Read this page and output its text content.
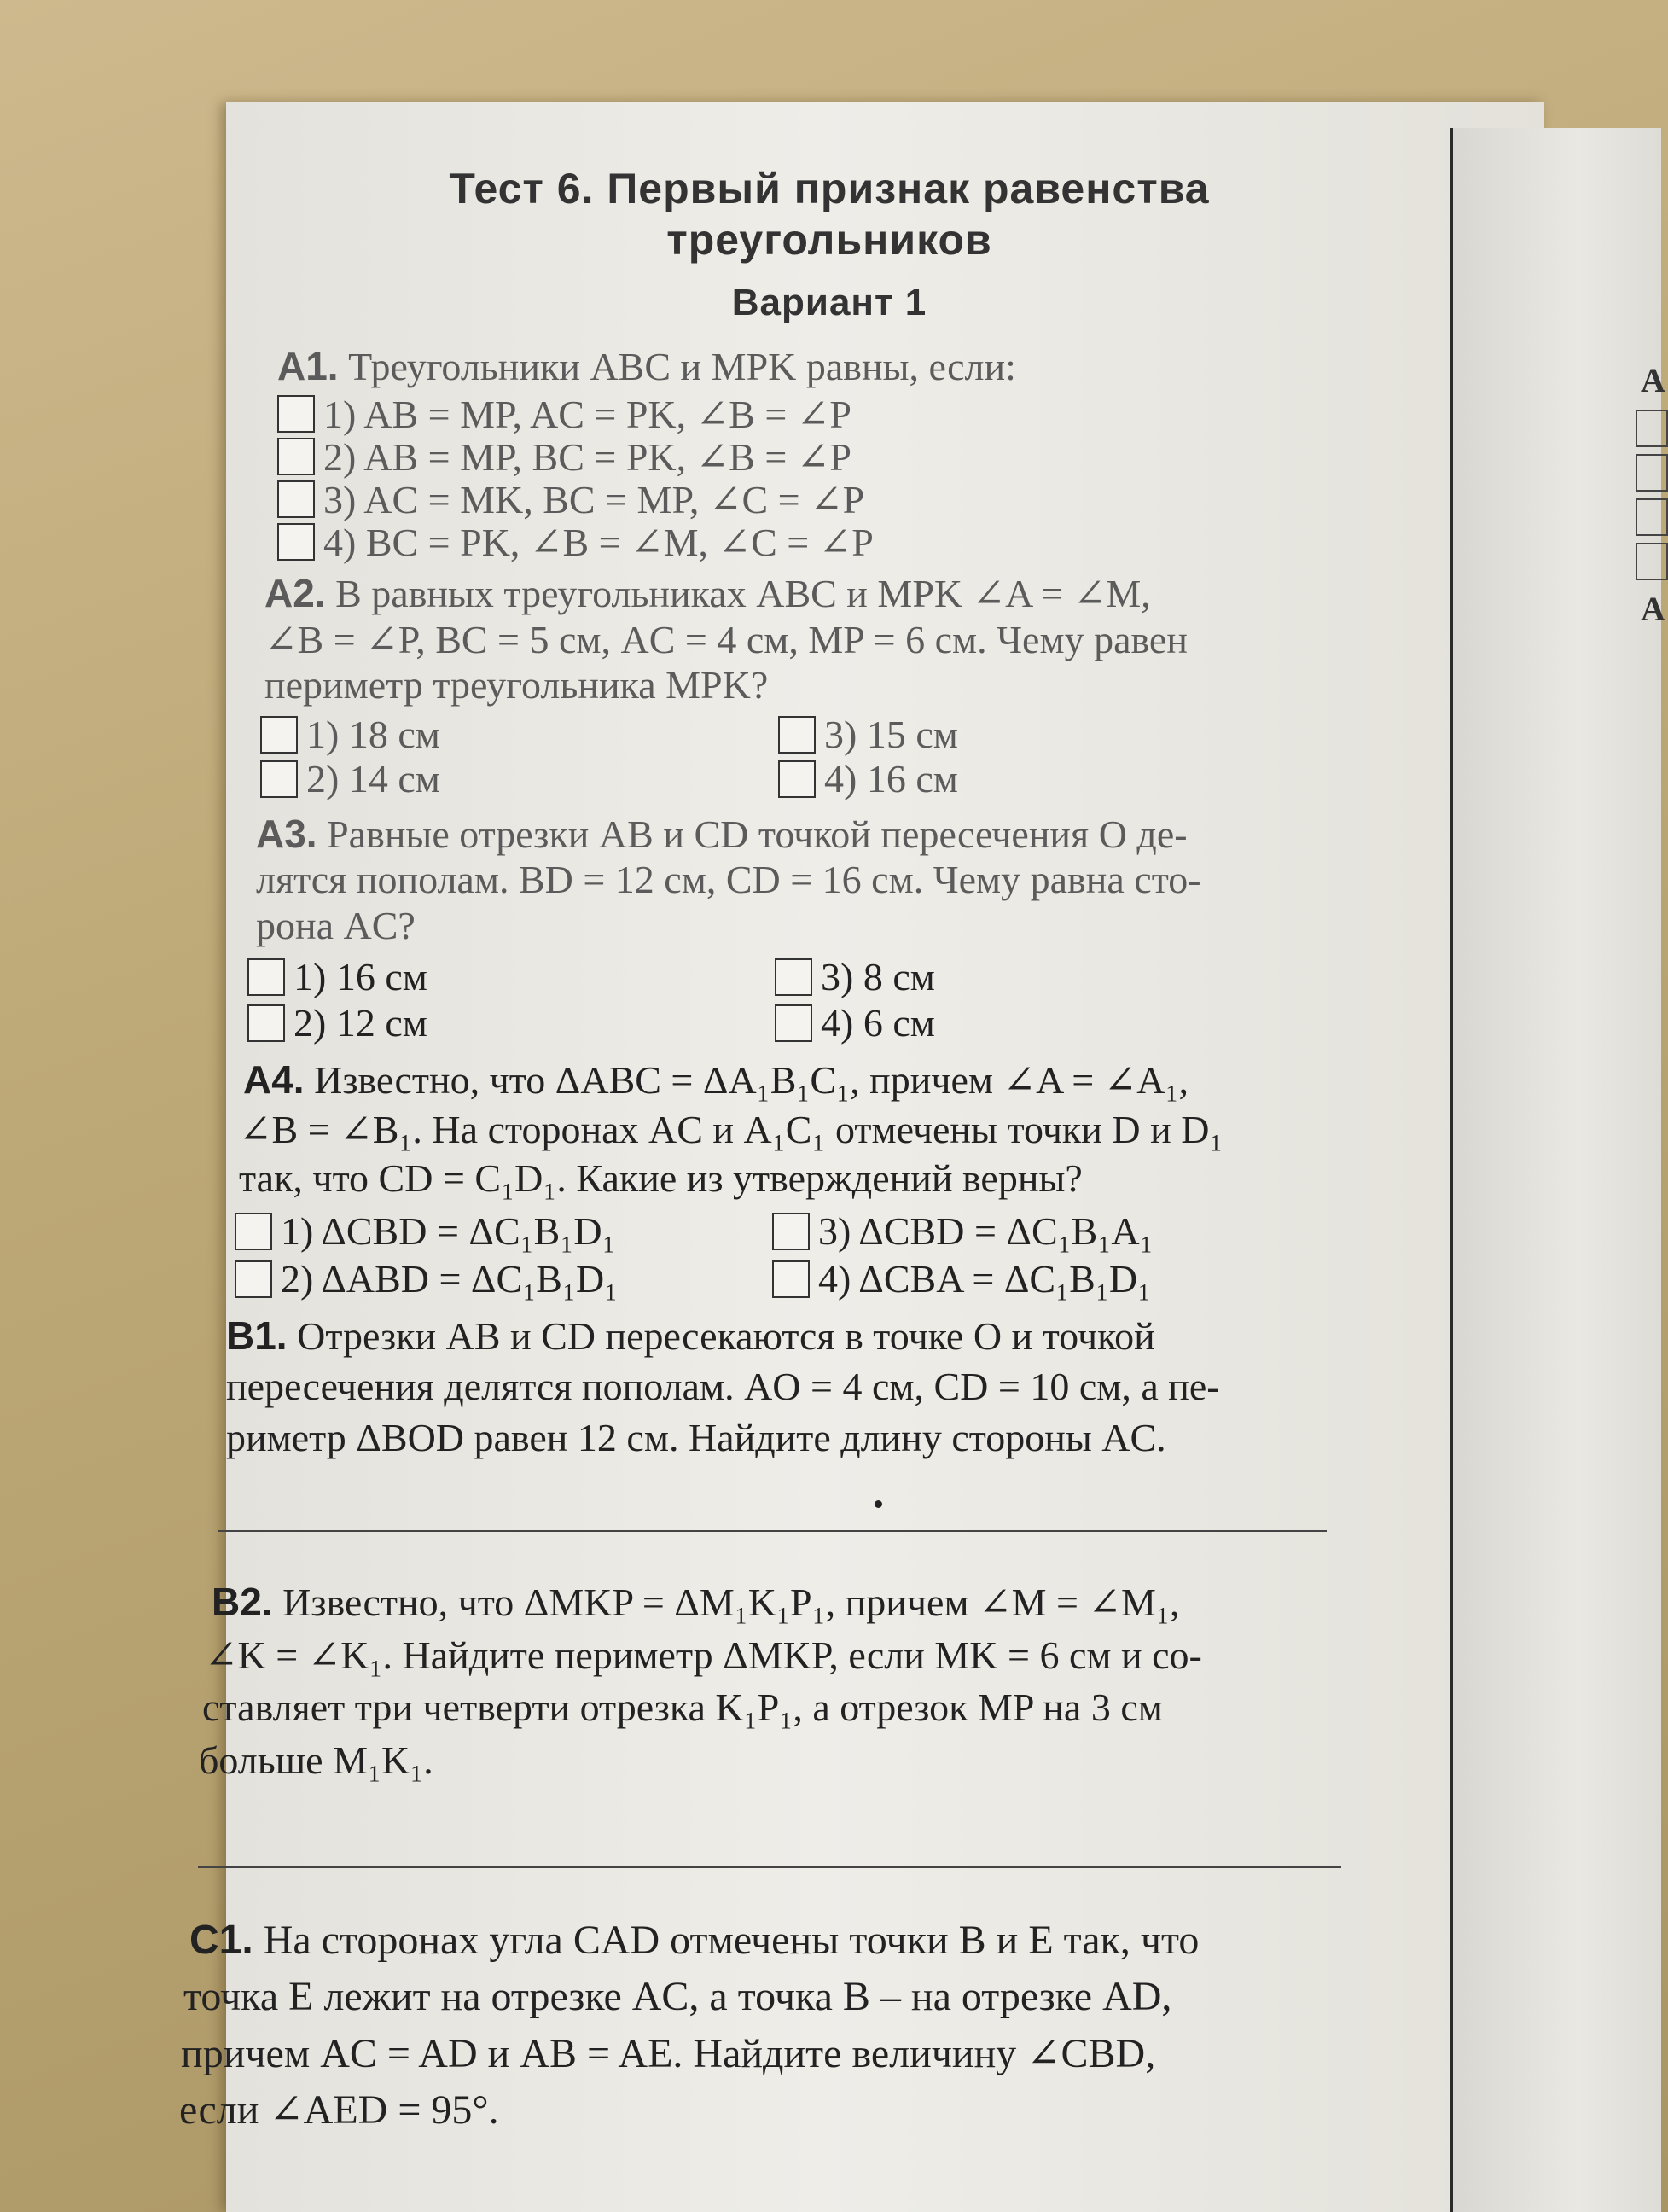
A
A
Тест 6. Первый признак равенства
треугольников
Вариант 1
А1. Треугольники ABC и MPK равны, если:
1) AB = MP, AC = PK, ∠B = ∠P
2) AB = MP, BC = PK, ∠B = ∠P
3) AC = MK, BC = MP, ∠C = ∠P
4) BC = PK, ∠B = ∠M, ∠C = ∠P
А2. В равных треугольниках ABC и MPK ∠A = ∠M,
∠B = ∠P, BC = 5 см, AC = 4 см, MP = 6 см. Чему равен
периметр треугольника MPK?
1) 18 см
2) 14 см
3) 15 см
4) 16 см
А3. Равные отрезки AB и CD точкой пересечения O де-
лятся пополам. BD = 12 см, CD = 16 см. Чему равна сто-
рона AC?
1) 16 см
2) 12 см
3) 8 см
4) 6 см
А4. Известно, что ΔABC = ΔA₁B₁C₁, причем ∠A = ∠A₁,
∠B = ∠B₁. На сторонах AC и A₁C₁ отмечены точки D и D₁
так, что CD = C₁D₁. Какие из утверждений верны?
1) ΔCBD = ΔC₁B₁D₁
2) ΔABD = ΔC₁B₁D₁
3) ΔCBD = ΔC₁B₁A₁
4) ΔCBA = ΔC₁B₁D₁
В1. Отрезки AB и CD пересекаются в точке O и точкой
пересечения делятся пополам. AO = 4 см, CD = 10 см, а пе-
риметр ΔBOD равен 12 см. Найдите длину стороны AC.
В2. Известно, что ΔMKP = ΔM₁K₁P₁, причем ∠M = ∠M₁,
∠K = ∠K₁. Найдите периметр ΔMKP, если MK = 6 см и со-
ставляет три четверти отрезка K₁P₁, а отрезок MP на 3 см
больше M₁K₁.
С1. На сторонах угла CAD отмечены точки B и E так, что
точка E лежит на отрезке AC, а точка B – на отрезке AD,
причем AC = AD и AB = AE. Найдите величину ∠CBD,
если ∠AED = 95°.
